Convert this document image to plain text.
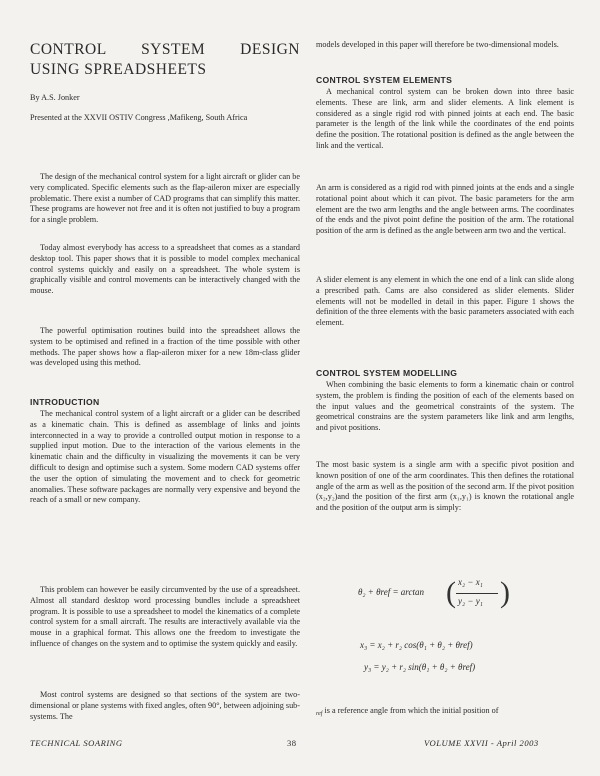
CONTROL SYSTEM DESIGN
USING SPREADSHEETS

By A.S. Jonker

Presented at the XXVII OSTIV Congress ,Mafikeng, South Africa

The design of the mechanical control system for a light aircraft or glider can be very complicated. Specific elements such as the flap-aileron mixer are especially problematic. There exist a number of CAD programs that can simplify this matter. These programs are however not free and it is often not justified to buy a program for a single problem.

Today almost everybody has access to a spreadsheet that comes as a standard desktop tool. This paper shows that it is possible to model complex mechanical control systems quickly and easily on a spreadsheet. The whole system is graphically visible and control movements can be interactively changed with the mouse.

The powerful optimisation routines build into the spreadsheet allows the system to be optimised and refined in a fraction of the time possible with other methods. The paper shows how a flap-aileron mixer for a new 18m-class glider was developed using this method.

INTRODUCTION

The mechanical control system of a light aircraft or a glider can be described as a kinematic chain. This is defined as assemblage of links and joints interconnected in a way to provide a controlled output motion in response to a supplied input motion. Due to the interaction of the various elements in the kinematic chain and the difficulty in visualizing the movements it can be very difficult to design and optimise such a system. Some modern CAD systems offer the user the option of simulating the movement and to check for geometric anomalies. These software packages are normally very expensive and beyond the reach of a small or new company.

This problem can however be easily circumvented by the use of a spreadsheet. Almost all standard desktop word processing bundles include a spreadsheet program. It is possible to use a spreadsheet to model the kinematics of a complete control system for a small aircraft. The results are interactively available via the mouse in a graphical format. This allows one the freedom to investigate the influence of changes on the system and to optimise the system quickly and easily.

Most control systems are designed so that sections of the system are two-dimensional or plane systems with fixed angles, often 90°, between adjoining sub-systems. The

models developed in this paper will therefore be two-dimensional models.

CONTROL SYSTEM ELEMENTS

A mechanical control system can be broken down into three basic elements. These are link, arm and slider elements. A link element is considered as a single rigid rod with pinned joints at each end. The basic parameter is the length of the link while the coordinates of the end points define the position. The rotational position is defined as the angle between the link and the vertical.

An arm is considered as a rigid rod with pinned joints at the ends and a single rotational point about which it can pivot. The basic parameters for the arm element are the two arm lengths and the angle between arms. The coordinates of the ends and the pivot point define the position of the arm. The rotational position of the arm is defined as the angle between arm two and the vertical.

A slider element is any element in which the one end of a link can slide along a prescribed path. Cams are also considered as slider elements. Slider elements will not be modelled in detail in this paper. Figure 1 shows the definition of the three elements with the basic parameters associated with each element.

CONTROL SYSTEM MODELLING

When combining the basic elements to form a kinematic chain or control system, the problem is finding the position of each of the elements based on the input values and the geometrical constraints of the system. The geometrical constrains are the system parameters like link and arm lengths, and pivot positions.

The most basic system is a single arm with a specific pivot position and known position of one of the arm coordinates. This then defines the rotational angle of the arm as well as the position of the second arm. If the pivot position (x₂,y₂)and the position of the first arm (x₁,y₁) is known the rotational angle and the position of the output arm is simply:

θ₂ + θref = arctan ( x₂ − x₁
y₂ − y₁ )
x₃ = x₂ + r₂ cos(θ₁ + θ₂ + θref)
y₃ = y₂ + r₂ sin(θ₁ + θ₂ + θref)
$_{ref}$ is a reference angle from which the initial position of

TECHNICAL SOARING	38	VOLUME XXVII - April 2003
